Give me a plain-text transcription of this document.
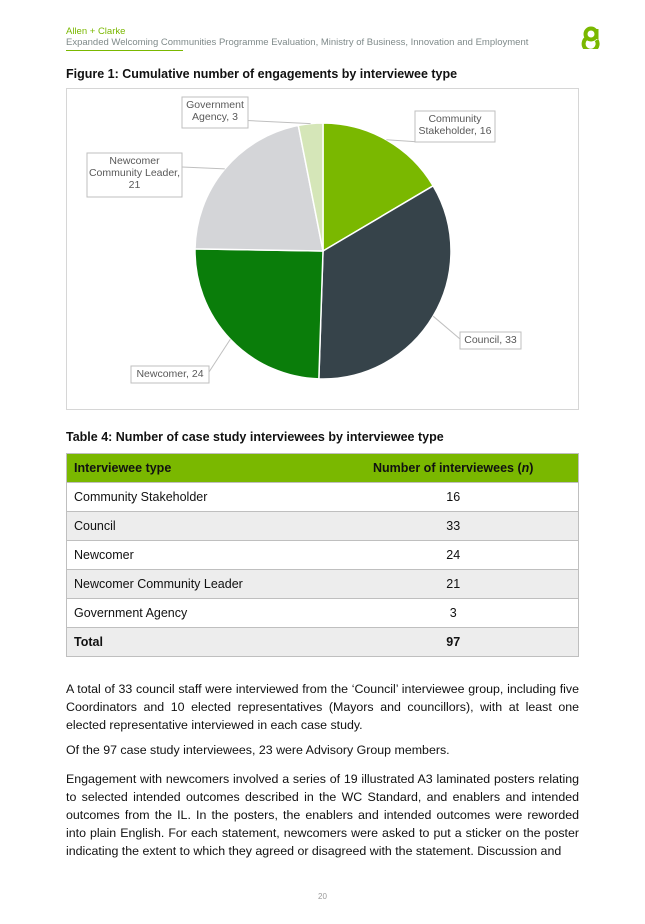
Allen + Clarke
Expanded Welcoming Communities Programme Evaluation, Ministry of Business, Innovation and Employment
Figure 1: Cumulative number of engagements by interviewee type
Community Stakeholder, 16
Council, 33
Newcomer, 24
Newcomer Community Leader, 21
Government Agency, 3
Table 4: Number of case study interviewees by interviewee type
Interviewee type	Number of interviewees (n)
Community Stakeholder	16
Council	33
Newcomer	24
Newcomer Community Leader	21
Government Agency	3
Total	97

A total of 33 council staff were interviewed from the ‘Council’ interviewee group, including five Coordinators and 10 elected representatives (Mayors and councillors), with at least one elected representative interviewed in each case study.

Of the 97 case study interviewees, 23 were Advisory Group members.

Engagement with newcomers involved a series of 19 illustrated A3 laminated posters relating to selected intended outcomes described in the WC Standard, and enablers and intended outcomes from the IL. In the posters, the enablers and intended outcomes were reworded into plain English. For each statement, newcomers were asked to put a sticker on the poster indicating the extent to which they agreed or disagreed with the statement. Discussion and

20
